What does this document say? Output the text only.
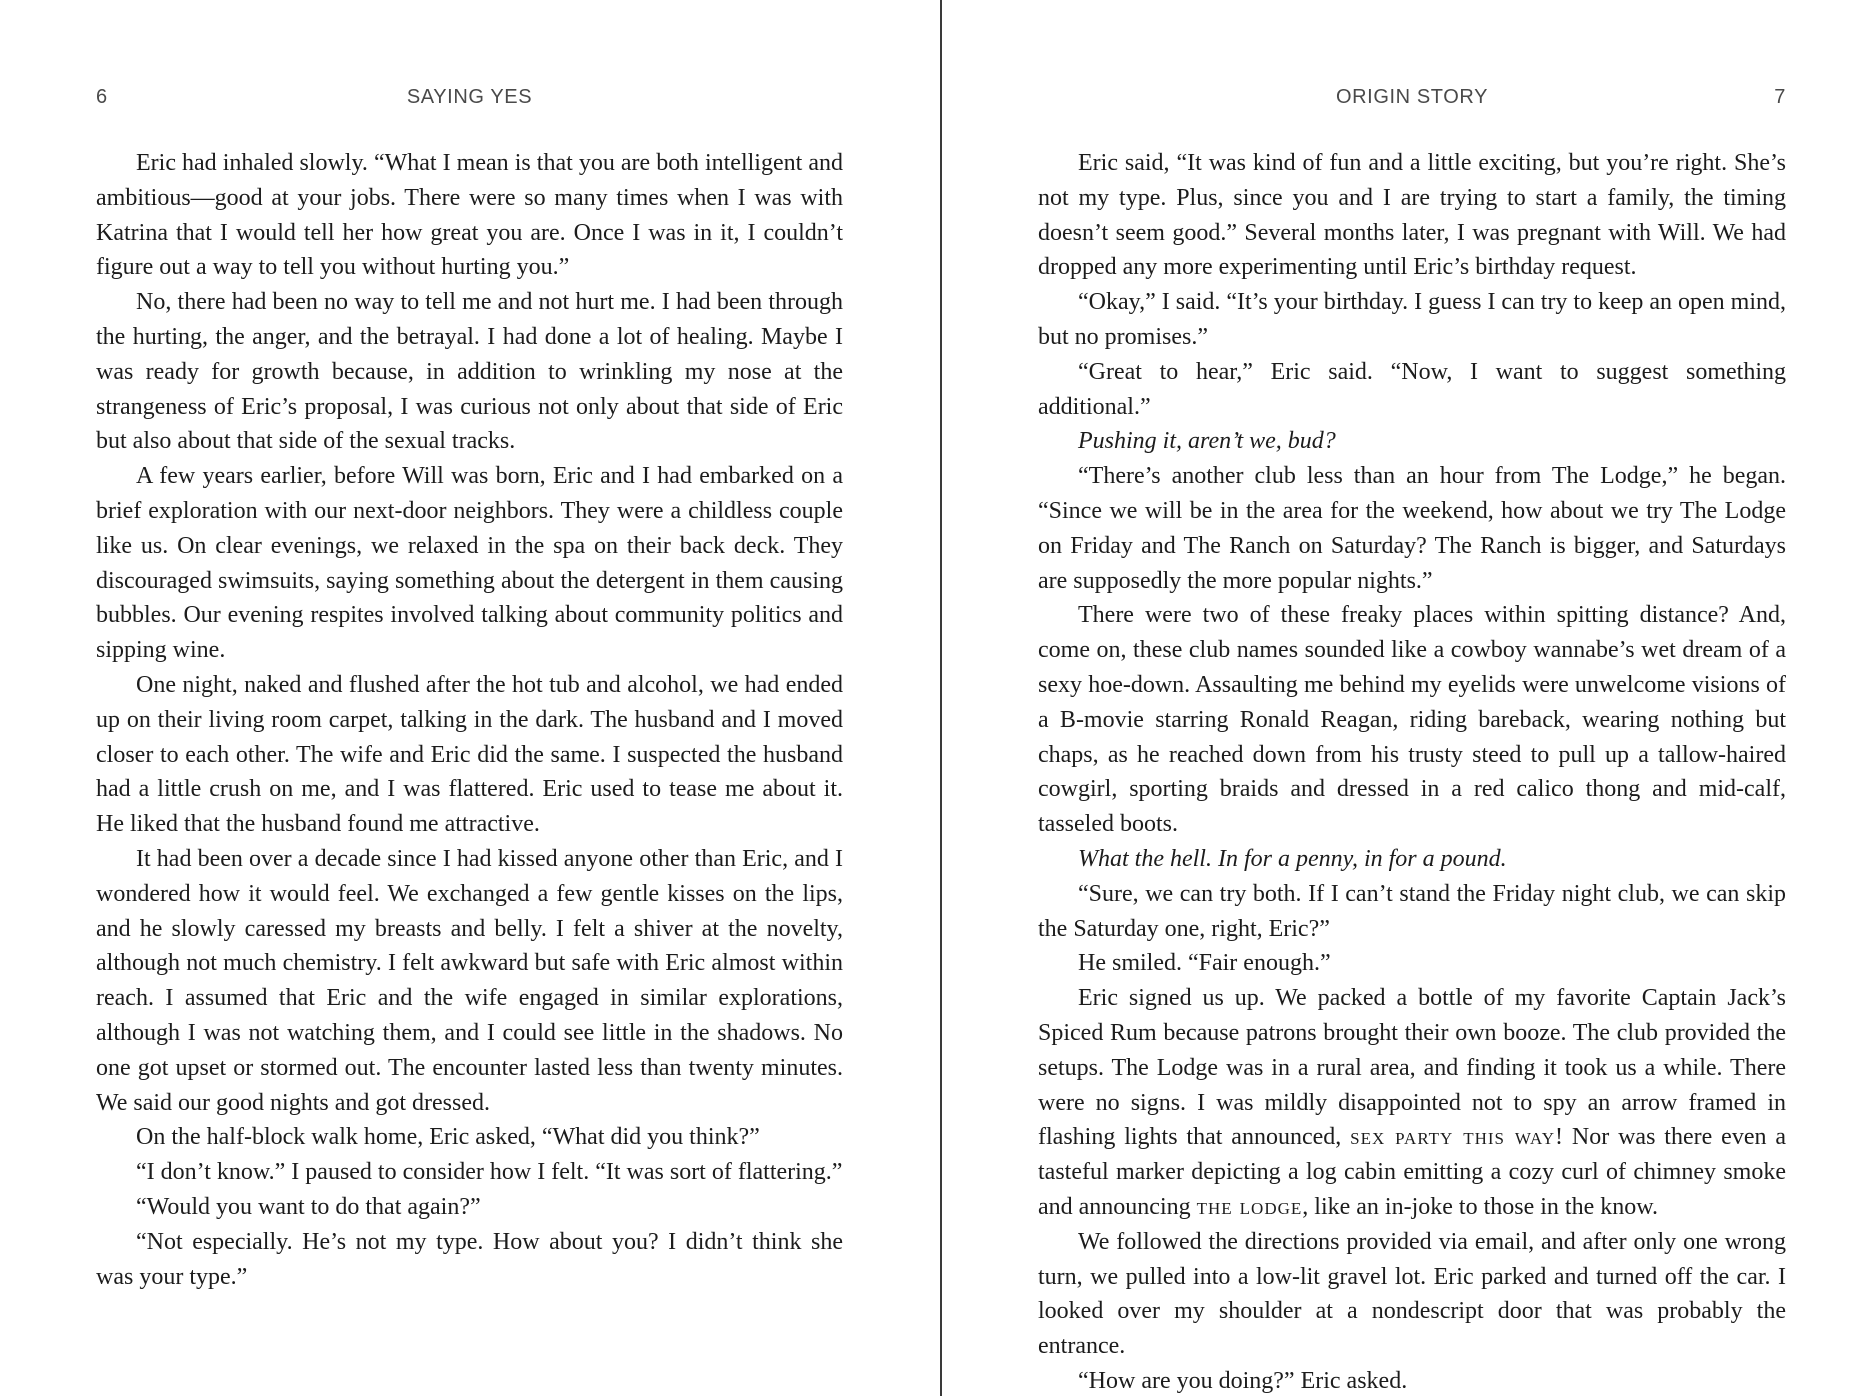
6	SAYING YES

Eric had inhaled slowly. “What I mean is that you are both intelligent and ambitious—good at your jobs. There were so many times when I was with Katrina that I would tell her how great you are. Once I was in it, I couldn’t figure out a way to tell you without hurting you.”

No, there had been no way to tell me and not hurt me. I had been through the hurting, the anger, and the betrayal. I had done a lot of healing. Maybe I was ready for growth because, in addition to wrinkling my nose at the strangeness of Eric’s proposal, I was curious not only about that side of Eric but also about that side of the sexual tracks.

A few years earlier, before Will was born, Eric and I had embarked on a brief exploration with our next-door neighbors. They were a childless couple like us. On clear evenings, we relaxed in the spa on their back deck. They discouraged swimsuits, saying something about the detergent in them causing bubbles. Our evening respites involved talking about community politics and sipping wine.

One night, naked and flushed after the hot tub and alcohol, we had ended up on their living room carpet, talking in the dark. The husband and I moved closer to each other. The wife and Eric did the same. I suspected the husband had a little crush on me, and I was flattered. Eric used to tease me about it. He liked that the husband found me attractive.

It had been over a decade since I had kissed anyone other than Eric, and I wondered how it would feel. We exchanged a few gentle kisses on the lips, and he slowly caressed my breasts and belly. I felt a shiver at the novelty, although not much chemistry. I felt awkward but safe with Eric almost within reach. I assumed that Eric and the wife engaged in similar explorations, although I was not watching them, and I could see little in the shadows. No one got upset or stormed out. The encounter lasted less than twenty minutes. We said our good nights and got dressed.

On the half-block walk home, Eric asked, “What did you think?”

“I don’t know.” I paused to consider how I felt. “It was sort of flattering.”

“Would you want to do that again?”

“Not especially. He’s not my type. How about you? I didn’t think she was your type.”

ORIGIN STORY	7

Eric said, “It was kind of fun and a little exciting, but you’re right. She’s not my type. Plus, since you and I are trying to start a family, the timing doesn’t seem good.” Several months later, I was pregnant with Will. We had dropped any more experimenting until Eric’s birthday request.

“Okay,” I said. “It’s your birthday. I guess I can try to keep an open mind, but no promises.”

“Great to hear,” Eric said. “Now, I want to suggest something additional.”

Pushing it, aren’t we, bud?

“There’s another club less than an hour from The Lodge,” he began. “Since we will be in the area for the weekend, how about we try The Lodge on Friday and The Ranch on Saturday? The Ranch is bigger, and Saturdays are supposedly the more popular nights.”

There were two of these freaky places within spitting distance? And, come on, these club names sounded like a cowboy wannabe’s wet dream of a sexy hoe-down. Assaulting me behind my eyelids were unwelcome visions of a B-movie starring Ronald Reagan, riding bareback, wearing nothing but chaps, as he reached down from his trusty steed to pull up a tallow-haired cowgirl, sporting braids and dressed in a red calico thong and mid-calf, tasseled boots.

What the hell. In for a penny, in for a pound.

“Sure, we can try both. If I can’t stand the Friday night club, we can skip the Saturday one, right, Eric?”

He smiled. “Fair enough.”

Eric signed us up. We packed a bottle of my favorite Captain Jack’s Spiced Rum because patrons brought their own booze. The club provided the setups. The Lodge was in a rural area, and finding it took us a while. There were no signs. I was mildly disappointed not to spy an arrow framed in flashing lights that announced, sex party this way! Nor was there even a tasteful marker depicting a log cabin emitting a cozy curl of chimney smoke and announcing the lodge, like an in-joke to those in the know.

We followed the directions provided via email, and after only one wrong turn, we pulled into a low-lit gravel lot. Eric parked and turned off the car. I looked over my shoulder at a nondescript door that was probably the entrance.

“How are you doing?” Eric asked.
